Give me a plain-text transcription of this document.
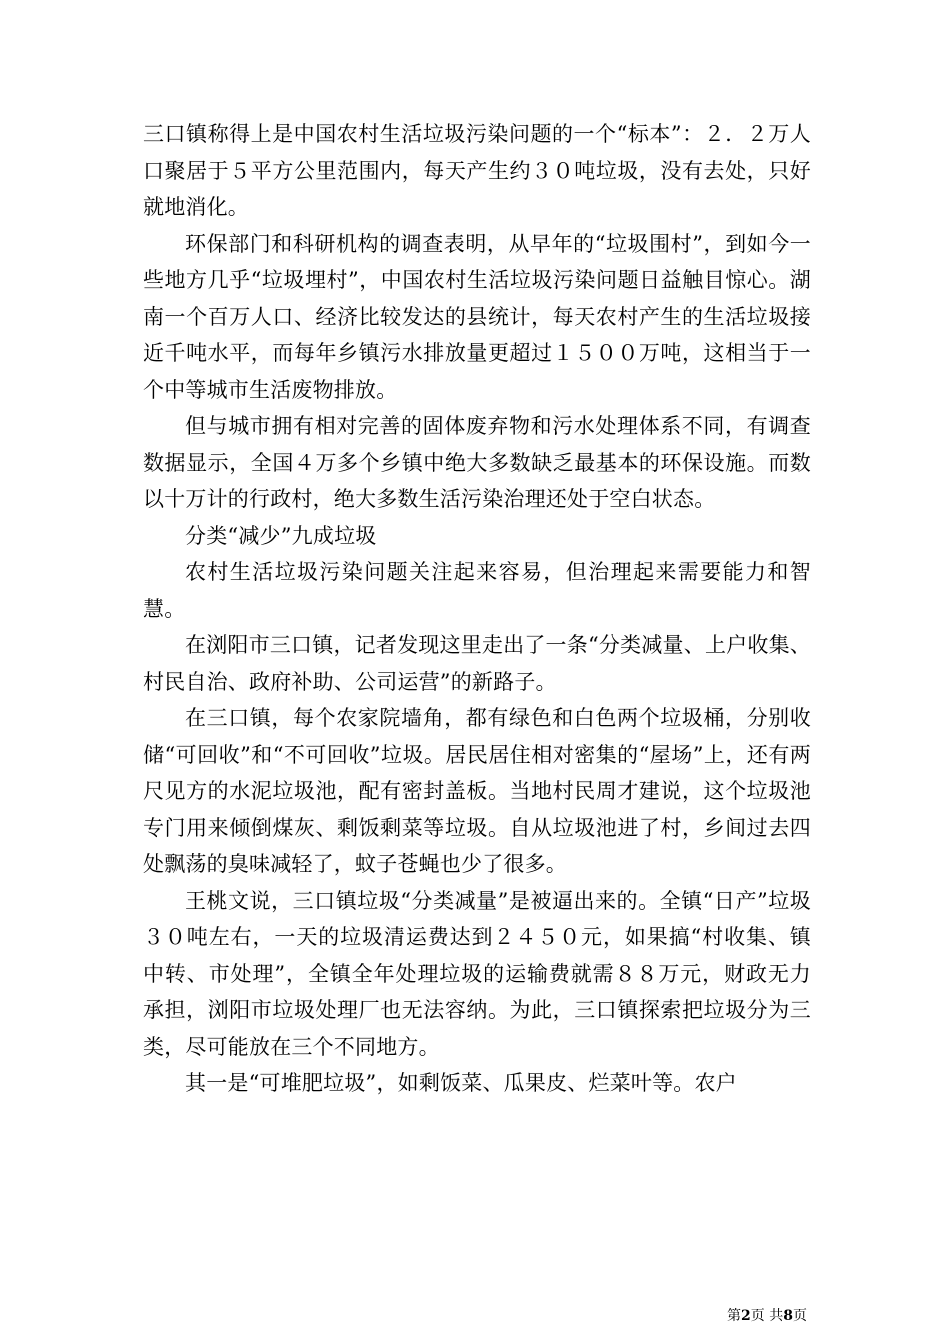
三口镇称得上是中国农村生活垃圾污染问题的一个“标本”：２．２万人口聚居于５平方公里范围内，每天产生约３０吨垃圾，没有去处，只好就地消化。

环保部门和科研机构的调查表明，从早年的“垃圾围村”，到如今一些地方几乎“垃圾埋村”，中国农村生活垃圾污染问题日益触目惊心。湖南一个百万人口、经济比较发达的县统计，每天农村产生的生活垃圾接近千吨水平，而每年乡镇污水排放量更超过１５００万吨，这相当于一个中等城市生活废物排放。

但与城市拥有相对完善的固体废弃物和污水处理体系不同，有调查数据显示，全国４万多个乡镇中绝大多数缺乏最基本的环保设施。而数以十万计的行政村，绝大多数生活污染治理还处于空白状态。

分类“减少”九成垃圾

农村生活垃圾污染问题关注起来容易，但治理起来需要能力和智慧。

在浏阳市三口镇，记者发现这里走出了一条“分类减量、上户收集、村民自治、政府补助、公司运营”的新路子。

在三口镇，每个农家院墙角，都有绿色和白色两个垃圾桶，分别收储“可回收”和“不可回收”垃圾。居民居住相对密集的“屋场”上，还有两尺见方的水泥垃圾池，配有密封盖板。当地村民周才建说，这个垃圾池专门用来倾倒煤灰、剩饭剩菜等垃圾。自从垃圾池进了村，乡间过去四处飘荡的臭味减轻了，蚊子苍蝇也少了很多。

王桃文说，三口镇垃圾“分类减量”是被逼出来的。全镇“日产”垃圾３０吨左右，一天的垃圾清运费达到２４５０元，如果搞“村收集、镇中转、市处理”，全镇全年处理垃圾的运输费就需８８万元，财政无力承担，浏阳市垃圾处理厂也无法容纳。为此，三口镇探索把垃圾分为三类，尽可能放在三个不同地方。

其一是“可堆肥垃圾”，如剩饭菜、瓜果皮、烂菜叶等。农户

第2页 共8页
